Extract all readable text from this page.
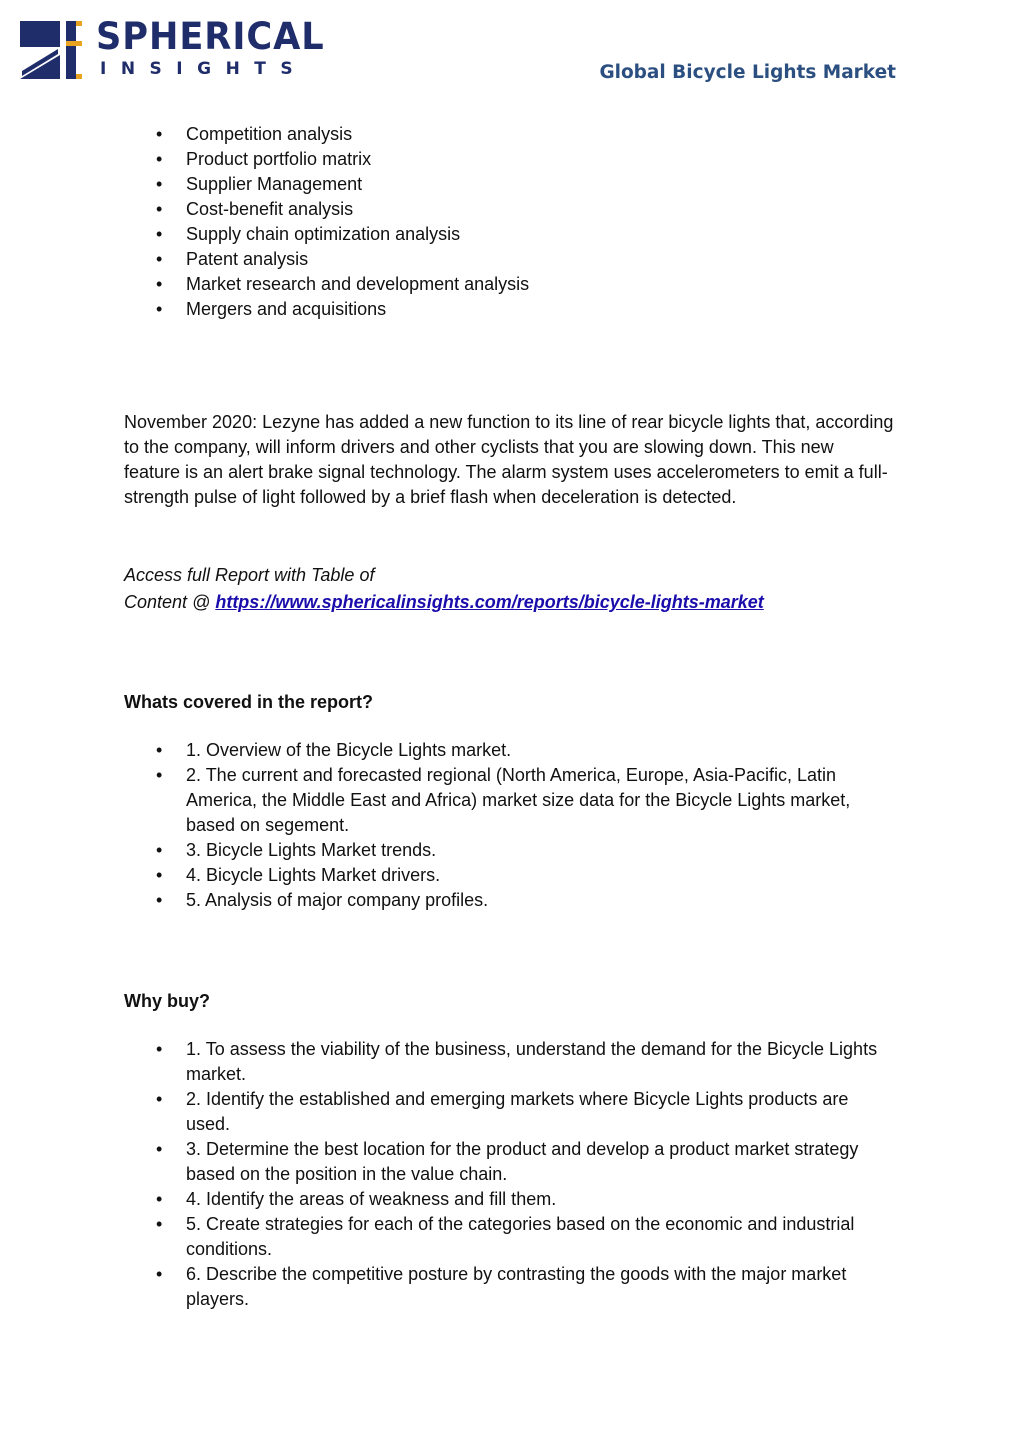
SPHERICAL
INSIGHTS	Global Bicycle Lights Market
• Competition analysis
• Product portfolio matrix
• Supplier Management
• Cost-benefit analysis
• Supply chain optimization analysis
• Patent analysis
• Market research and development analysis
• Mergers and acquisitions

November 2020: Lezyne has added a new function to its line of rear bicycle lights that, according to the company, will inform drivers and other cyclists that you are slowing down. This new feature is an alert brake signal technology. The alarm system uses accelerometers to emit a full-strength pulse of light followed by a brief flash when deceleration is detected.

Access full Report with Table of
Content @ https://www.sphericalinsights.com/reports/bicycle-lights-market

Whats covered in the report?

• 1. Overview of the Bicycle Lights market.
• 2. The current and forecasted regional (North America, Europe, Asia-Pacific, Latin America, the Middle East and Africa) market size data for the Bicycle Lights market, based on segement.
• 3. Bicycle Lights Market trends.
• 4. Bicycle Lights Market drivers.
• 5. Analysis of major company profiles.

Why buy?

• 1. To assess the viability of the business, understand the demand for the Bicycle Lights market.
• 2. Identify the established and emerging markets where Bicycle Lights products are used.
• 3. Determine the best location for the product and develop a product market strategy based on the position in the value chain.
• 4. Identify the areas of weakness and fill them.
• 5. Create strategies for each of the categories based on the economic and industrial conditions.
• 6. Describe the competitive posture by contrasting the goods with the major market players.
